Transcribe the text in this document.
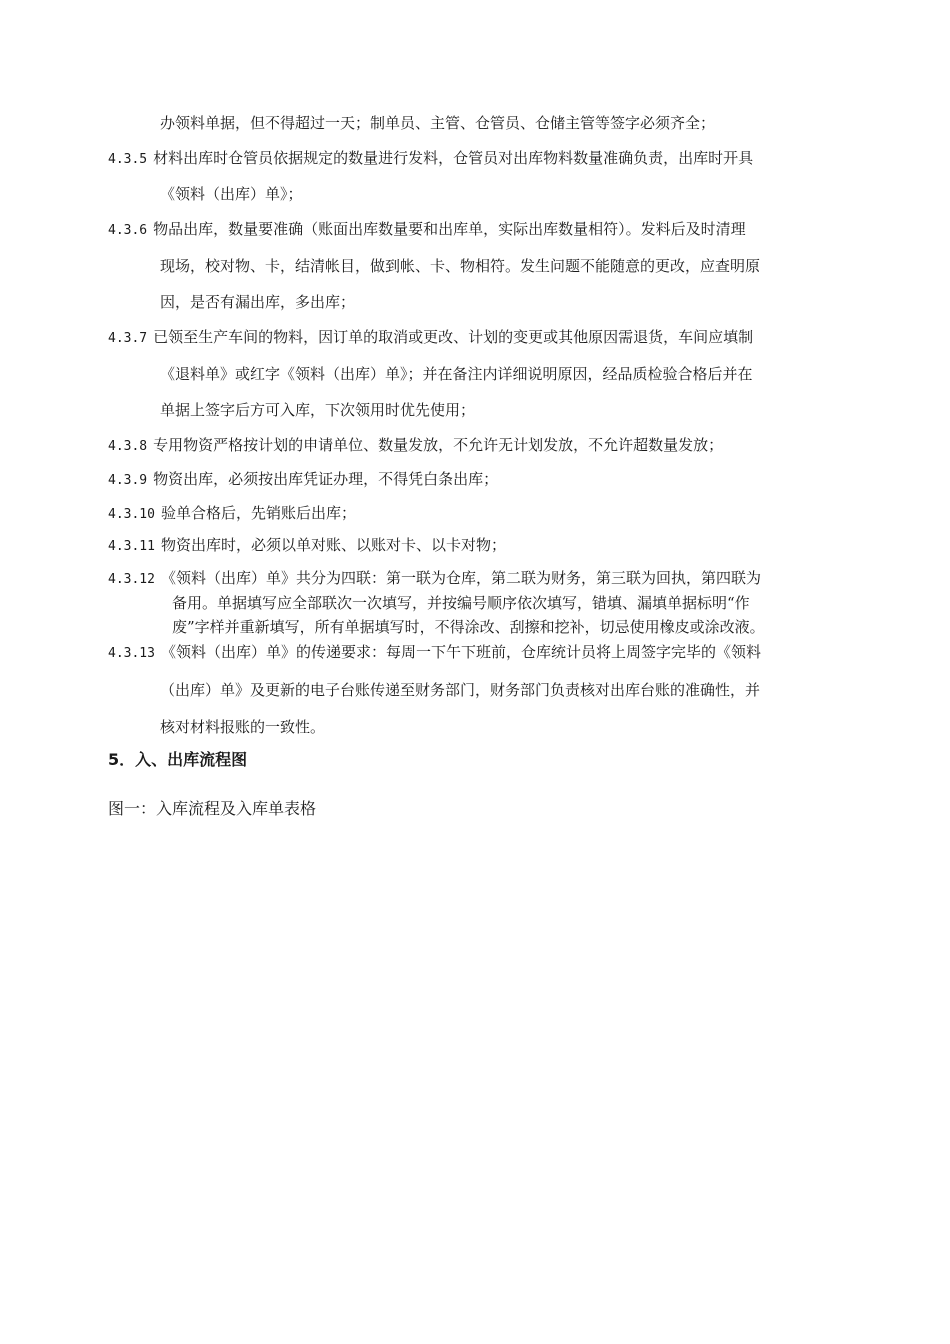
办领料单据，但不得超过一天；制单员、主管、仓管员、仓储主管等签字必须齐全；
4.3.5 材料出库时仓管员依据规定的数量进行发料，仓管员对出库物料数量准确负责，出库时开具
《领料（出库）单》；
4.3.6 物品出库，数量要准确（账面出库数量要和出库单，实际出库数量相符）。发料后及时清理
现场，校对物、卡，结清帐目，做到帐、卡、物相符。发生问题不能随意的更改，应查明原
因，是否有漏出库，多出库；
4.3.7 已领至生产车间的物料，因订单的取消或更改、计划的变更或其他原因需退货，车间应填制
《退料单》或红字《领料（出库）单》；并在备注内详细说明原因，经品质检验合格后并在
单据上签字后方可入库，下次领用时优先使用；
4.3.8 专用物资严格按计划的申请单位、数量发放，不允许无计划发放，不允许超数量发放；
4.3.9 物资出库，必须按出库凭证办理，不得凭白条出库；
4.3.10 验单合格后，先销账后出库；
4.3.11 物资出库时，必须以单对账、以账对卡、以卡对物；
4.3.12 《领料（出库）单》共分为四联：第一联为仓库，第二联为财务，第三联为回执，第四联为
备用。单据填写应全部联次一次填写，并按编号顺序依次填写，错填、漏填单据标明“作
废”字样并重新填写，所有单据填写时，不得涂改、刮擦和挖补，切忌使用橡皮或涂改液。
4.3.13 《领料（出库）单》的传递要求：每周一下午下班前，仓库统计员将上周签字完毕的《领料
（出库）单》及更新的电子台账传递至财务部门，财务部门负责核对出库台账的准确性，并
核对材料报账的一致性。
5．入、出库流程图
图一：入库流程及入库单表格
